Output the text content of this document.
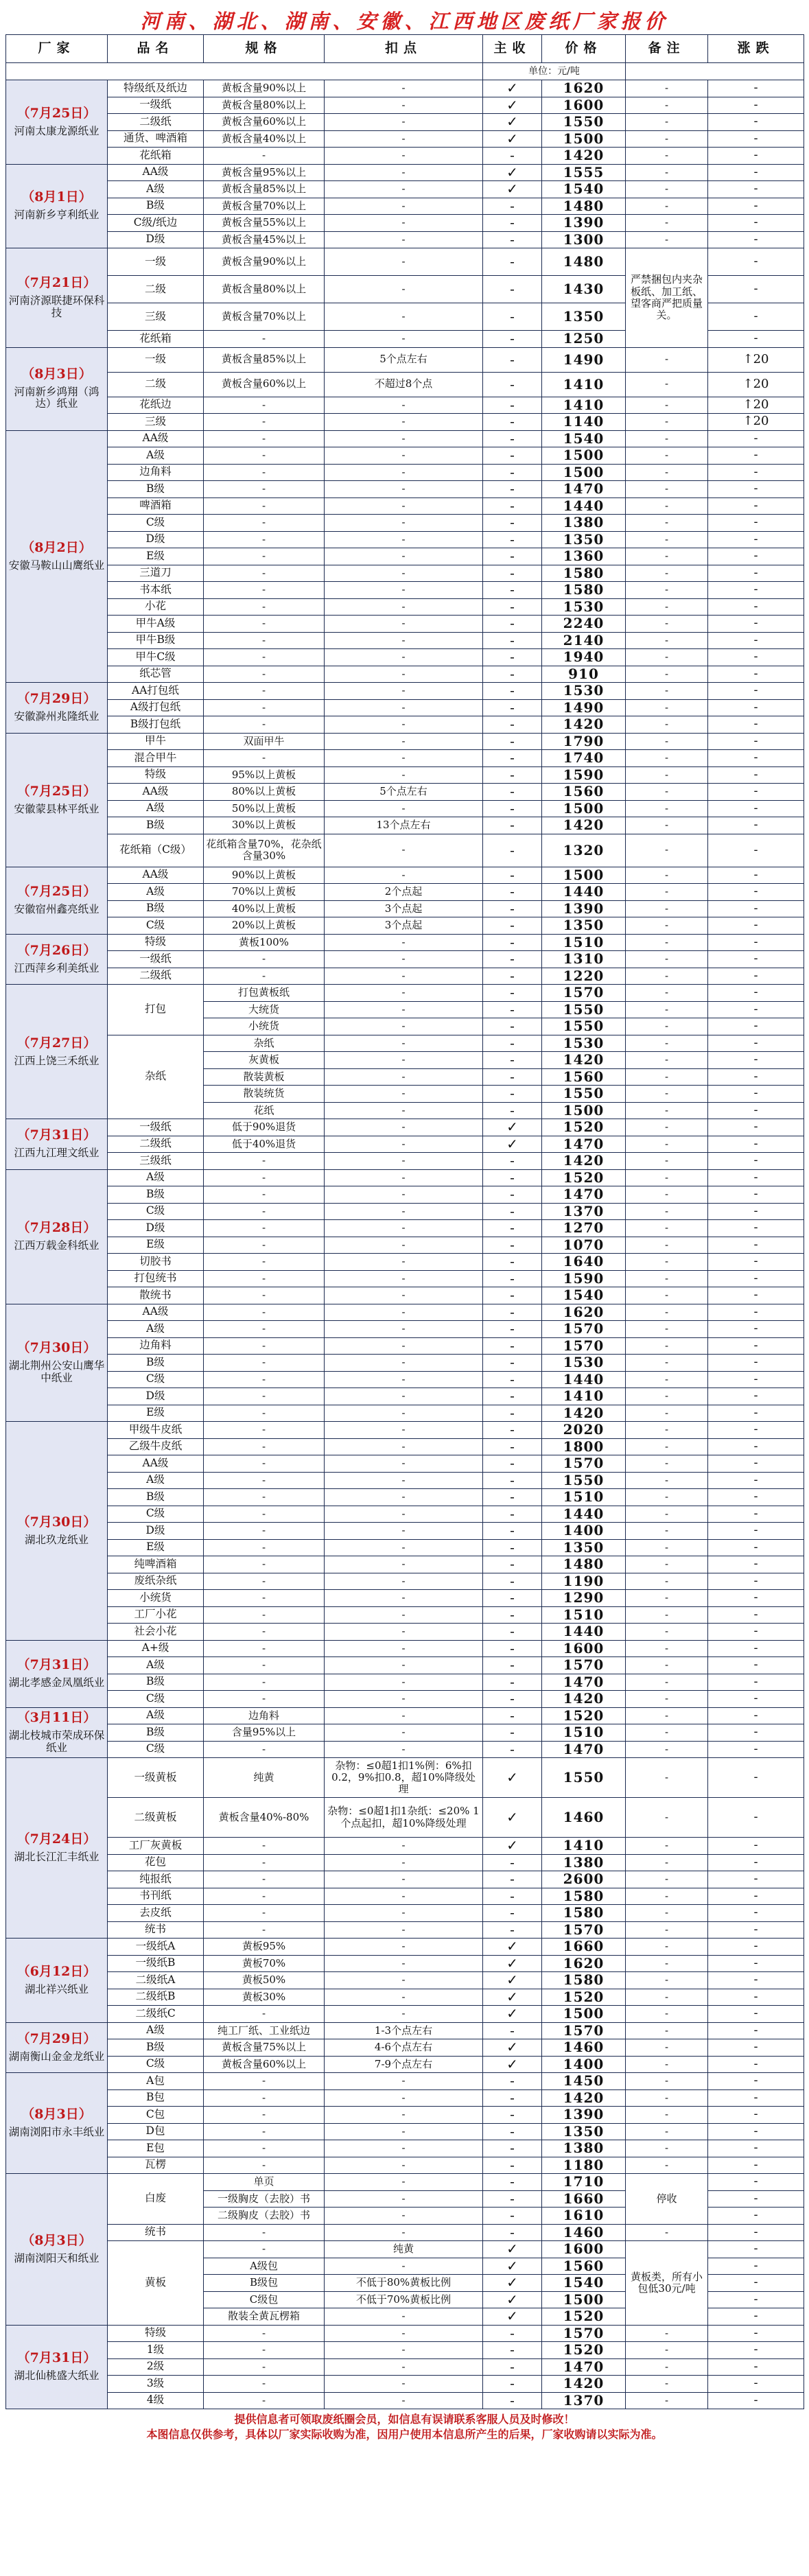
河南、湖北、湖南、安徽、江西地区废纸厂家报价
厂家	品名	规格	扣点	主收	价格	备注	涨跌
				单位：元/吨			

（7月25日）
河南太康龙源纸业	特级纸及纸边	黄板含量90%以上	-	✓	1620	-	-
	一级纸	黄板含量80%以上	-	✓	1600	-	-
	二级纸	黄板含量60%以上	-	✓	1550	-	-
	通货、啤酒箱	黄板含量40%以上	-	✓	1500	-	-
	花纸箱	-	-	-	1420	-	-

（8月1日）
河南新乡亨利纸业	AA级	黄板含量95%以上	-	✓	1555	-	-
	A级	黄板含量85%以上	-	✓	1540	-	-
	B级	黄板含量70%以上	-	-	1480	-	-
	C级/纸边	黄板含量55%以上	-	-	1390	-	-
	D级	黄板含量45%以上	-	-	1300	-	-

（7月21日）
河南济源联捷环保科技	一级	黄板含量90%以上	-	-	1480	严禁捆包内夹杂板纸、加工纸、望客商严把质量关。	-
	二级	黄板含量80%以上	-	-	1430		-
	三级	黄板含量70%以上	-	-	1350		-
	花纸箱	-	-	-	1250		-

（8月3日）
河南新乡鸿翔（鸿达）纸业	一级	黄板含量85%以上	5个点左右	-	1490	-	↑20
	二级	黄板含量60%以上	不超过8个点	-	1410	-	↑20
	花纸边	-	-	-	1410	-	↑20
	三级	-	-	-	1140	-	↑20

（8月2日）
安徽马鞍山山鹰纸业	AA级	-	-	-	1540	-	-
	A级	-	-	-	1500	-	-
	边角料	-	-	-	1500	-	-
	B级	-	-	-	1470	-	-
	啤酒箱	-	-	-	1440	-	-
	C级	-	-	-	1380	-	-
	D级	-	-	-	1350	-	-
	E级	-	-	-	1360	-	-
	三道刀	-	-	-	1580	-	-
	书本纸	-	-	-	1580	-	-
	小花	-	-	-	1530	-	-
	甲牛A级	-	-	-	2240	-	-
	甲牛B级	-	-	-	2140	-	-
	甲牛C级	-	-	-	1940	-	-
	纸芯管	-	-	-	910	-	-

（7月29日）
安徽滁州兆隆纸业	AA打包纸	-	-	-	1530	-	-
	A级打包纸	-	-	-	1490	-	-
	B级打包纸	-	-	-	1420	-	-

（7月25日）
安徽蒙县林平纸业	甲牛	双面甲牛	-	-	1790	-	-
	混合甲牛	-	-	-	1740	-	-
	特级	95%以上黄板	-	-	1590	-	-
	AA级	80%以上黄板	5个点左右	-	1560	-	-
	A级	50%以上黄板	-	-	1500	-	-
	B级	30%以上黄板	13个点左右	-	1420	-	-
	花纸箱（C级）	花纸箱含量70%，花杂纸含量30%	-	-	1320	-	-

（7月25日）
安徽宿州鑫亮纸业	AA级	90%以上黄板	-	-	1500	-	-
	A级	70%以上黄板	2个点起	-	1440	-	-
	B级	40%以上黄板	3个点起	-	1390	-	-
	C级	20%以上黄板	3个点起	-	1350	-	-

（7月26日）
江西萍乡利美纸业	特级	黄板100%	-	-	1510	-	-
	一级纸	-	-	-	1310	-	-
	二级纸	-	-	-	1220	-	-

（7月27日）
江西上饶三禾纸业	打包	打包黄板纸	-	-	1570	-	-
		大统货	-	-	1550	-	-
		小统货	-	-	1550	-	-
	杂纸	杂纸	-	-	1530	-	-
		灰黄板	-	-	1420	-	-
		散装黄板	-	-	1560	-	-
		散装统货	-	-	1550	-	-
		花纸	-	-	1500	-	-

（7月31日）
江西九江理文纸业	一级纸	低于90%退货	-	✓	1520	-	-
	二级纸	低于40%退货	-	✓	1470	-	-
	三级纸	-	-	-	1420	-	-

（7月28日）
江西万载金科纸业	A级	-	-	-	1520	-	-
	B级	-	-	-	1470	-	-
	C级	-	-	-	1370	-	-
	D级	-	-	-	1270	-	-
	E级	-	-	-	1070	-	-
	切胶书	-	-	-	1640	-	-
	打包统书	-	-	-	1590	-	-
	散统书	-	-	-	1540	-	-

（7月30日）
湖北荆州公安山鹰华中纸业	AA级	-	-	-	1620	-	-
	A级	-	-	-	1570	-	-
	边角料	-	-	-	1570	-	-
	B级	-	-	-	1530	-	-
	C级	-	-	-	1440	-	-
	D级	-	-	-	1410	-	-
	E级	-	-	-	1420	-	-

（7月30日）
湖北玖龙纸业	甲级牛皮纸	-	-	-	2020	-	-
	乙级牛皮纸	-	-	-	1800	-	-
	AA级	-	-	-	1570	-	-
	A级	-	-	-	1550	-	-
	B级	-	-	-	1510	-	-
	C级	-	-	-	1440	-	-
	D级	-	-	-	1400	-	-
	E级	-	-	-	1350	-	-
	纯啤酒箱	-	-	-	1480	-	-
	废纸杂纸	-	-	-	1190	-	-
	小统货	-	-	-	1290	-	-
	工厂小花	-	-	-	1510	-	-
	社会小花	-	-	-	1440	-	-

（7月31日）
湖北孝感金凤凰纸业	A+级	-	-	-	1600	-	-
	A级	-	-	-	1570	-	-
	B级	-	-	-	1470	-	-
	C级	-	-	-	1420	-	-

（3月11日）
湖北枝城市荣成环保纸业	A级	边角料	-	-	1520	-	-
	B级	含量95%以上	-	-	1510	-	-
	C级	-	-	-	1470	-	-

（7月24日）
湖北长江汇丰纸业	一级黄板	纯黄	杂物：≤0超1扣1%例：6%扣0.2，9%扣0.8，超10%降级处理	✓	1550	-	-
	二级黄板	黄板含量40%-80%	杂物：≤0超1扣1杂纸：≤20% 1个点起扣，超10%降级处理	✓	1460	-	-
	工厂灰黄板	-	-	✓	1410	-	-
	花包	-	-	-	1380	-	-
	纯报纸	-	-	-	2600	-	-
	书刊纸	-	-	-	1580	-	-
	去皮纸	-	-	-	1580	-	-
	统书	-	-	-	1570	-	-

（6月12日）
湖北祥兴纸业	一级纸A	黄板95%	-	✓	1660	-	-
	一级纸B	黄板70%	-	✓	1620	-	-
	二级纸A	黄板50%	-	✓	1580	-	-
	二级纸B	黄板30%	-	✓	1520	-	-
	二级纸C	-	-	✓	1500	-	-

（7月29日）
湖南衡山金金龙纸业	A级	纯工厂纸、工业纸边	1-3个点左右	-	1570	-	-
	B级	黄板含量75%以上	4-6个点左右	✓	1460	-	-
	C级	黄板含量60%以上	7-9个点左右	✓	1400	-	-

（8月3日）
湖南浏阳市永丰纸业	A包	-	-	-	1450	-	-
	B包	-	-	-	1420	-	-
	C包	-	-	-	1390	-	-
	D包	-	-	-	1350	-	-
	E包	-	-	-	1380	-	-
	瓦楞	-	-	-	1180	-	-

（8月3日）
湖南浏阳天和纸业	白废	单页	-	-	1710	停收	-
		一级胸皮（去胶）书	-	-	1660		-
		二级胸皮（去胶）书	-	-	1610		-
	统书	-	-	-	1460	-	-
	黄板	-	纯黄	✓	1600	黄板类，所有小包低30元/吨	-
		A级包	-	✓	1560		-
		B级包	不低于80%黄板比例	✓	1540		-
		C级包	不低于70%黄板比例	✓	1500		-
		散装全黄瓦楞箱	-	✓	1520		-

（7月31日）
湖北仙桃盛大纸业	特级	-	-	-	1570	-	-
	1级	-	-	-	1520	-	-
	2级	-	-	-	1470	-	-
	3级	-	-	-	1420	-	-
	4级	-	-	-	1370	-	-
提供信息者可领取废纸圈会员，如信息有误请联系客服人员及时修改！
本图信息仅供参考，具体以厂家实际收购为准，因用户使用本信息所产生的后果，厂家收购请以实际为准。
